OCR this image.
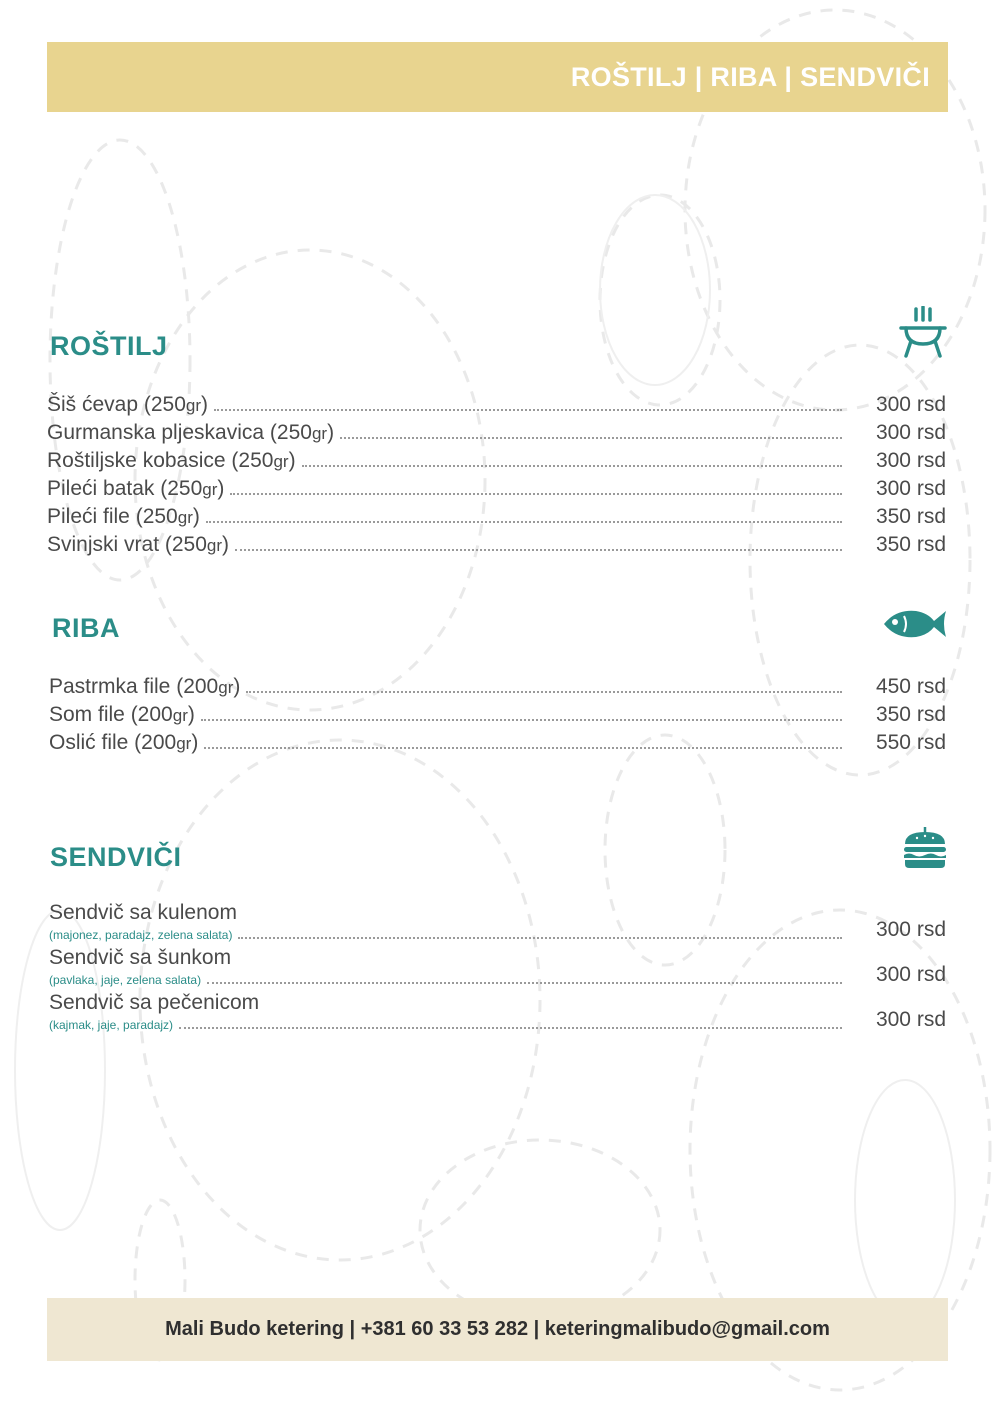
ROŠTILJ | RIBA | SENDVIČI
ROŠTILJ
Šiš ćevap (250gr)	300 rsd
Gurmanska pljeskavica (250gr)	300 rsd
Roštiljske kobasice (250gr)	300 rsd
Pileći batak (250gr)	300 rsd
Pileći file (250gr)	350 rsd
Svinjski vrat (250gr)	350 rsd
RIBA
Pastrmka file (200gr)	450 rsd
Som file (200gr)	350 rsd
Oslić file (200gr)	550 rsd
SENDVIČI
Sendvič sa kulenom
(majonez, paradajz, zelena salata)	300 rsd
Sendvič sa šunkom
(pavlaka, jaje, zelena salata)	300 rsd
Sendvič sa pečenicom
(kajmak, jaje, paradajz)	300 rsd
Mali Budo ketering | +381 60 33 53 282 | keteringmalibudo@gmail.com
